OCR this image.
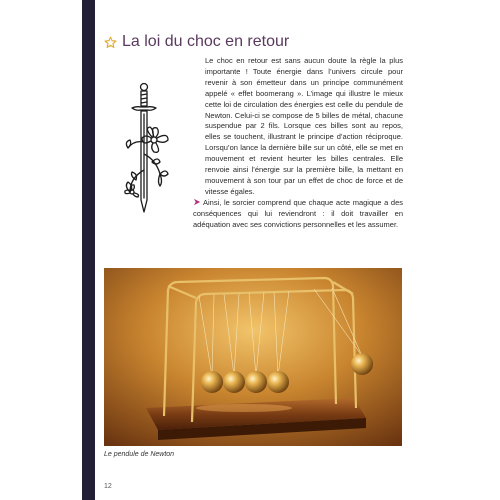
La loi du choc en retour

Le choc en retour est sans aucun doute la règle la plus importante ! Toute énergie dans l’univers circule pour revenir à son émetteur dans un principe communément appelé « effet boomerang ». L’image qui illustre le mieux cette loi de circulation des énergies est celle du pendule de Newton. Celui-ci se compose de 5 billes de métal, chacune suspendue par 2 fils. Lorsque ces billes sont au repos, elles se touchent, illustrant le principe d’action réciproque. Lorsqu’on lance la dernière bille sur un côté, elle se met en mouvement et revient heurter les billes centrales. Elle renvoie ainsi l’énergie sur la première bille, la mettant en mouvement à son tour par un effet de choc de force et de vitesse égales.

Ainsi, le sorcier comprend que chaque acte magique a des conséquences qui lui reviendront : il doit travailler en adéquation avec ses convictions personnelles et les assumer.

Le pendule de Newton
12
